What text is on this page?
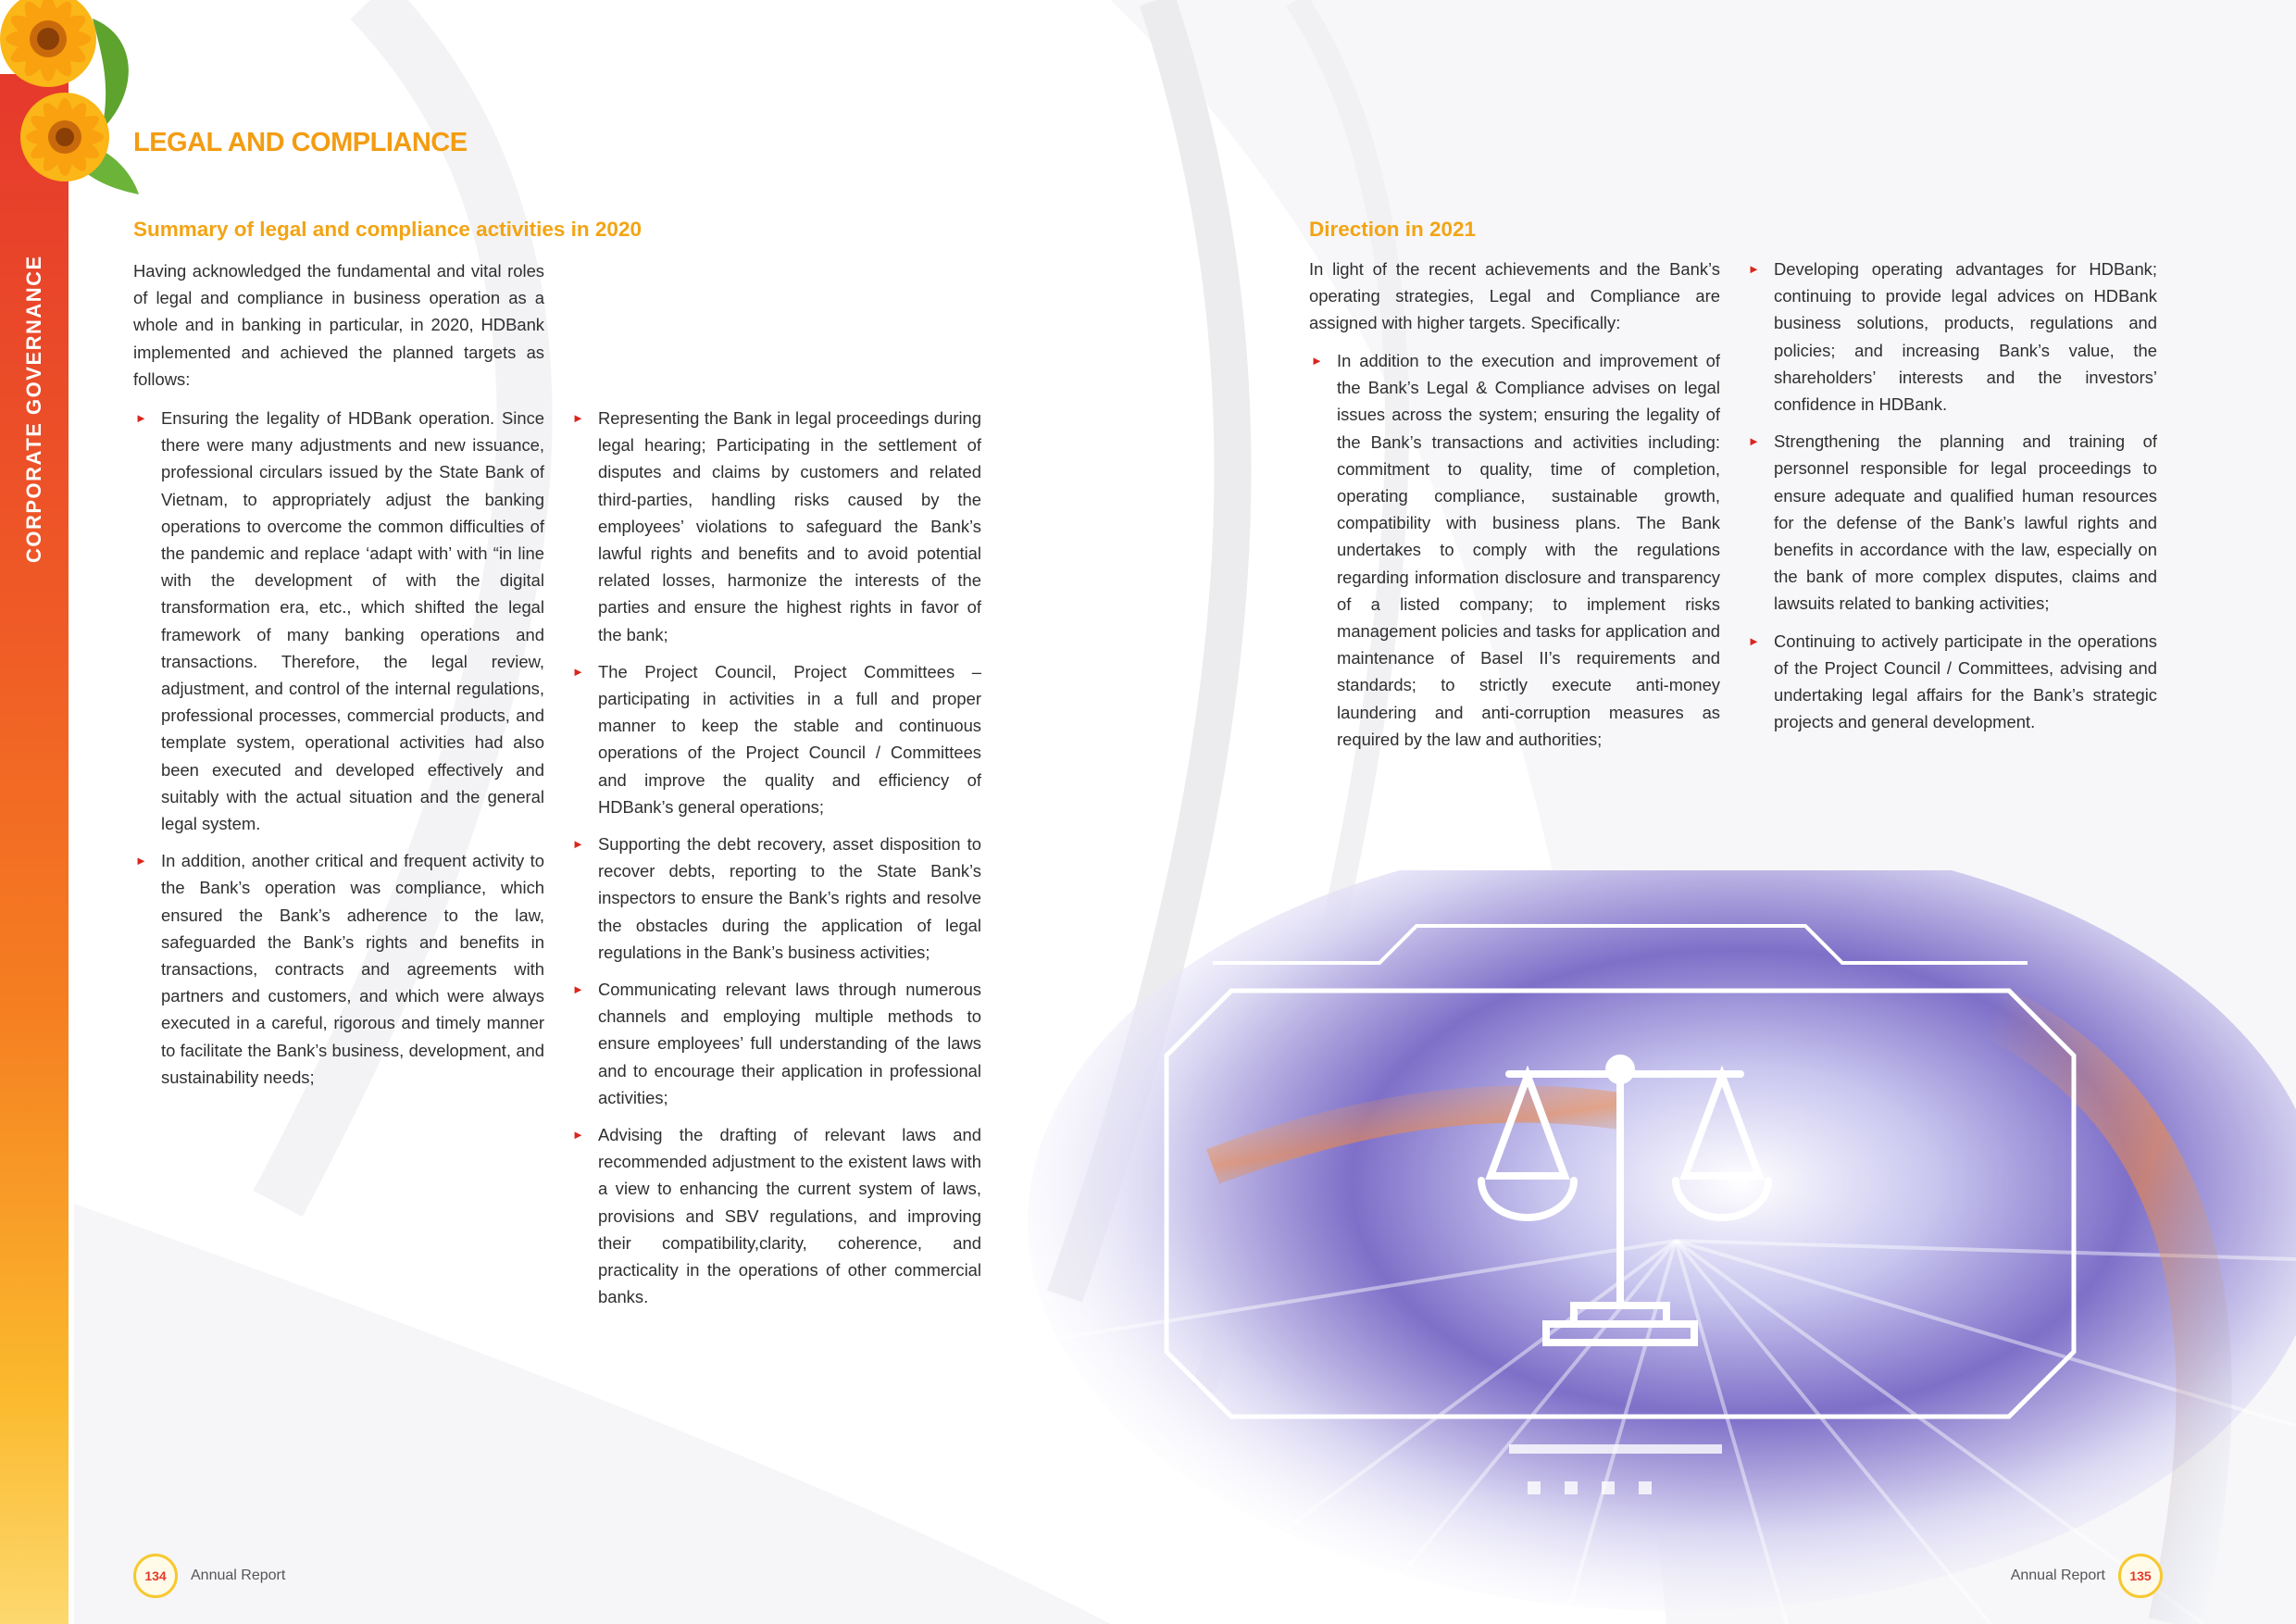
CORPORATE GOVERNANCE
LEGAL AND COMPLIANCE
Summary of legal and compliance activities in 2020

Having acknowledged the fundamental and vital roles of legal and compliance in business operation as a whole and in banking in particular, in 2020, HDBank implemented and achieved the planned targets as follows:

► Ensuring the legality of HDBank operation. Since there were many adjustments and new issuance, professional circulars issued by the State Bank of Vietnam, to appropriately adjust the banking operations to overcome the common difficulties of the pandemic and replace ‘adapt with’ with “in line with the development of with the digital transformation era, etc., which shifted the legal framework of many banking operations and transactions. Therefore, the legal review, adjustment, and control of the internal regulations, professional processes, commercial products, and template system, operational activities had also been executed and developed effectively and suitably with the actual situation and the general legal system.
► In addition, another critical and frequent activity to the Bank’s operation was compliance, which ensured the Bank’s adherence to the law, safeguarded the Bank’s rights and benefits in transactions, contracts and agreements with partners and customers, and which were always executed in a careful, rigorous and timely manner to facilitate the Bank’s business, development, and sustainability needs;
► Representing the Bank in legal proceedings during legal hearing; Participating in the settlement of disputes and claims by customers and related third-parties, handling risks caused by the employees’ violations to safeguard the Bank’s lawful rights and benefits and to avoid potential related losses, harmonize the interests of the parties and ensure the highest rights in favor of the bank;
► The Project Council, Project Committees – participating in activities in a full and proper manner to keep the stable and continuous operations of the Project Council / Committees and improve the quality and efficiency of HDBank’s general operations;
► Supporting the debt recovery, asset disposition to recover debts, reporting to the State Bank’s inspectors to ensure the Bank’s rights and resolve the obstacles during the application of legal regulations in the Bank’s business activities;
► Communicating relevant laws through numerous channels and employing multiple methods to ensure employees’ full understanding of the laws and to encourage their application in professional activities;
► Advising the drafting of relevant laws and recommended adjustment to the existent laws with a view to enhancing the current system of laws, provisions and SBV regulations, and improving their compatibility,clarity, coherence, and practicality in the operations of other commercial banks.
Direction in 2021

In light of the recent achievements and the Bank’s operating strategies, Legal and Compliance are assigned with higher targets. Specifically:

► In addition to the execution and improvement of the Bank’s Legal & Compliance advises on legal issues across the system; ensuring the legality of the Bank’s transactions and activities including: commitment to quality, time of completion, operating compliance, sustainable growth, compatibility with business plans. The Bank undertakes to comply with the regulations regarding information disclosure and transparency of a listed company; to implement risks management policies and tasks for application and maintenance of Basel II’s requirements and standards; to strictly execute anti-money laundering and anti-corruption measures as required by the law and authorities;
► Developing operating advantages for HDBank; continuing to provide legal advices on HDBank business solutions, products, regulations and policies; and increasing Bank’s value, the shareholders’ interests and the investors’ confidence in HDBank.
► Strengthening the planning and training of personnel responsible for legal proceedings to ensure adequate and qualified human resources for the defense of the Bank’s lawful rights and benefits in accordance with the law, especially on the bank of more complex disputes, claims and lawsuits related to banking activities;
► Continuing to actively participate in the operations of the Project Council / Committees, advising and undertaking legal affairs for the Bank’s strategic projects and general development.
134	Annual Report	Annual Report	135
